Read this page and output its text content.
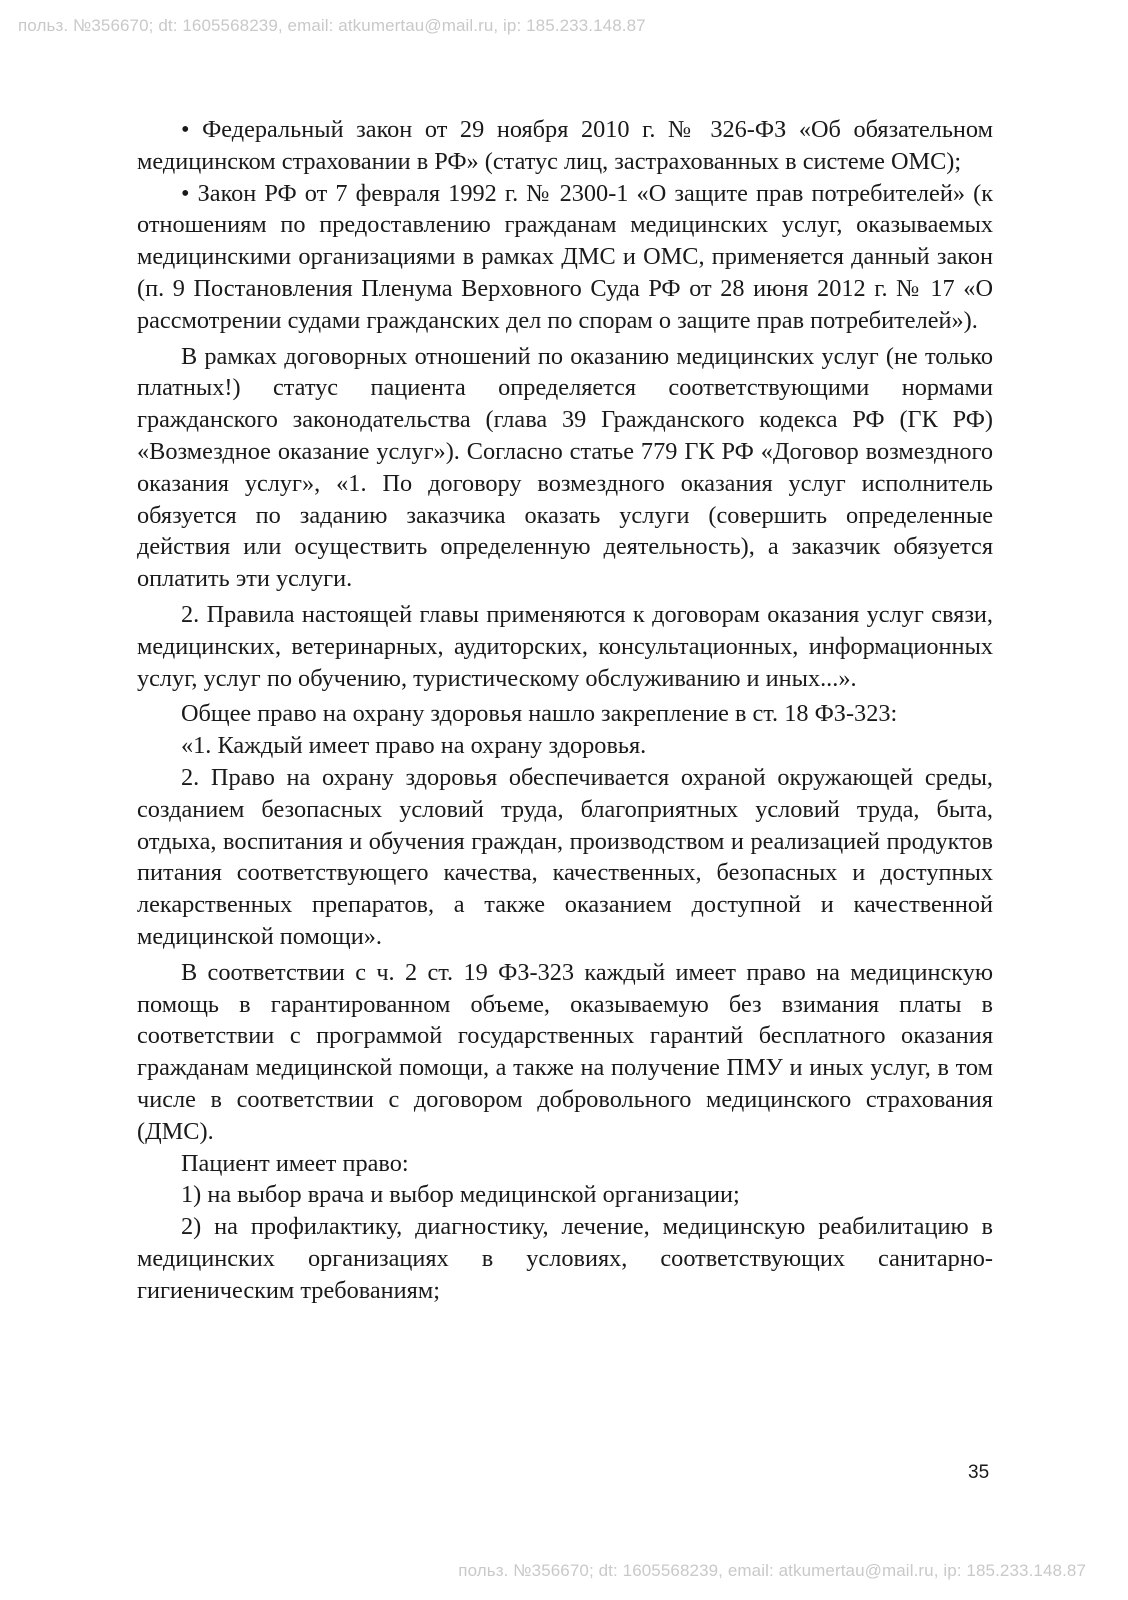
польз. №356670; dt: 1605568239, email: atkumertau@mail.ru, ip: 185.233.148.87

• Федеральный закон от 29 ноября 2010 г. № 326-ФЗ «Об обязательном медицинском страховании в РФ» (статус лиц, застрахованных в системе ОМС);

• Закон РФ от 7 февраля 1992 г. № 2300-1 «О защите прав потребителей» (к отношениям по предоставлению гражданам медицинских услуг, оказываемых медицинскими организациями в рамках ДМС и ОМС, применяется данный закон (п. 9 Постановления Пленума Верховного Суда РФ от 28 июня 2012 г. № 17 «О рассмотрении судами гражданских дел по спорам о защите прав потребителей»).

В рамках договорных отношений по оказанию медицинских услуг (не только платных!) статус пациента определяется соответствующими нормами гражданского законодательства (глава 39 Гражданского кодекса РФ (ГК РФ) «Возмездное оказание услуг»). Согласно статье 779 ГК РФ «Договор возмездного оказания услуг», «1. По договору возмездного оказания услуг исполнитель обязуется по заданию заказчика оказать услуги (совершить определенные действия или осуществить определенную деятельность), а заказчик обязуется оплатить эти услуги.

2. Правила настоящей главы применяются к договорам оказания услуг связи, медицинских, ветеринарных, аудиторских, консультационных, информационных услуг, услуг по обучению, туристическому обслуживанию и иных...».

Общее право на охрану здоровья нашло закрепление в ст. 18 ФЗ-323:

«1. Каждый имеет право на охрану здоровья.

2. Право на охрану здоровья обеспечивается охраной окружающей среды, созданием безопасных условий труда, благоприятных условий труда, быта, отдыха, воспитания и обучения граждан, производством и реализацией продуктов питания соответствующего качества, качественных, безопасных и доступных лекарственных препаратов, а также оказанием доступной и качественной медицинской помощи».

В соответствии с ч. 2 ст. 19 ФЗ-323 каждый имеет право на медицинскую помощь в гарантированном объеме, оказываемую без взимания платы в соответствии с программой государственных гарантий бесплатного оказания гражданам медицинской помощи, а также на получение ПМУ и иных услуг, в том числе в соответствии с договором добровольного медицинского страхования (ДМС).

Пациент имеет право:

1) на выбор врача и выбор медицинской организации;

2) на профилактику, диагностику, лечение, медицинскую реабилитацию в медицинских организациях в условиях, соответствующих санитарно-гигиеническим требованиям;

35
польз. №356670; dt: 1605568239, email: atkumertau@mail.ru, ip: 185.233.148.87
